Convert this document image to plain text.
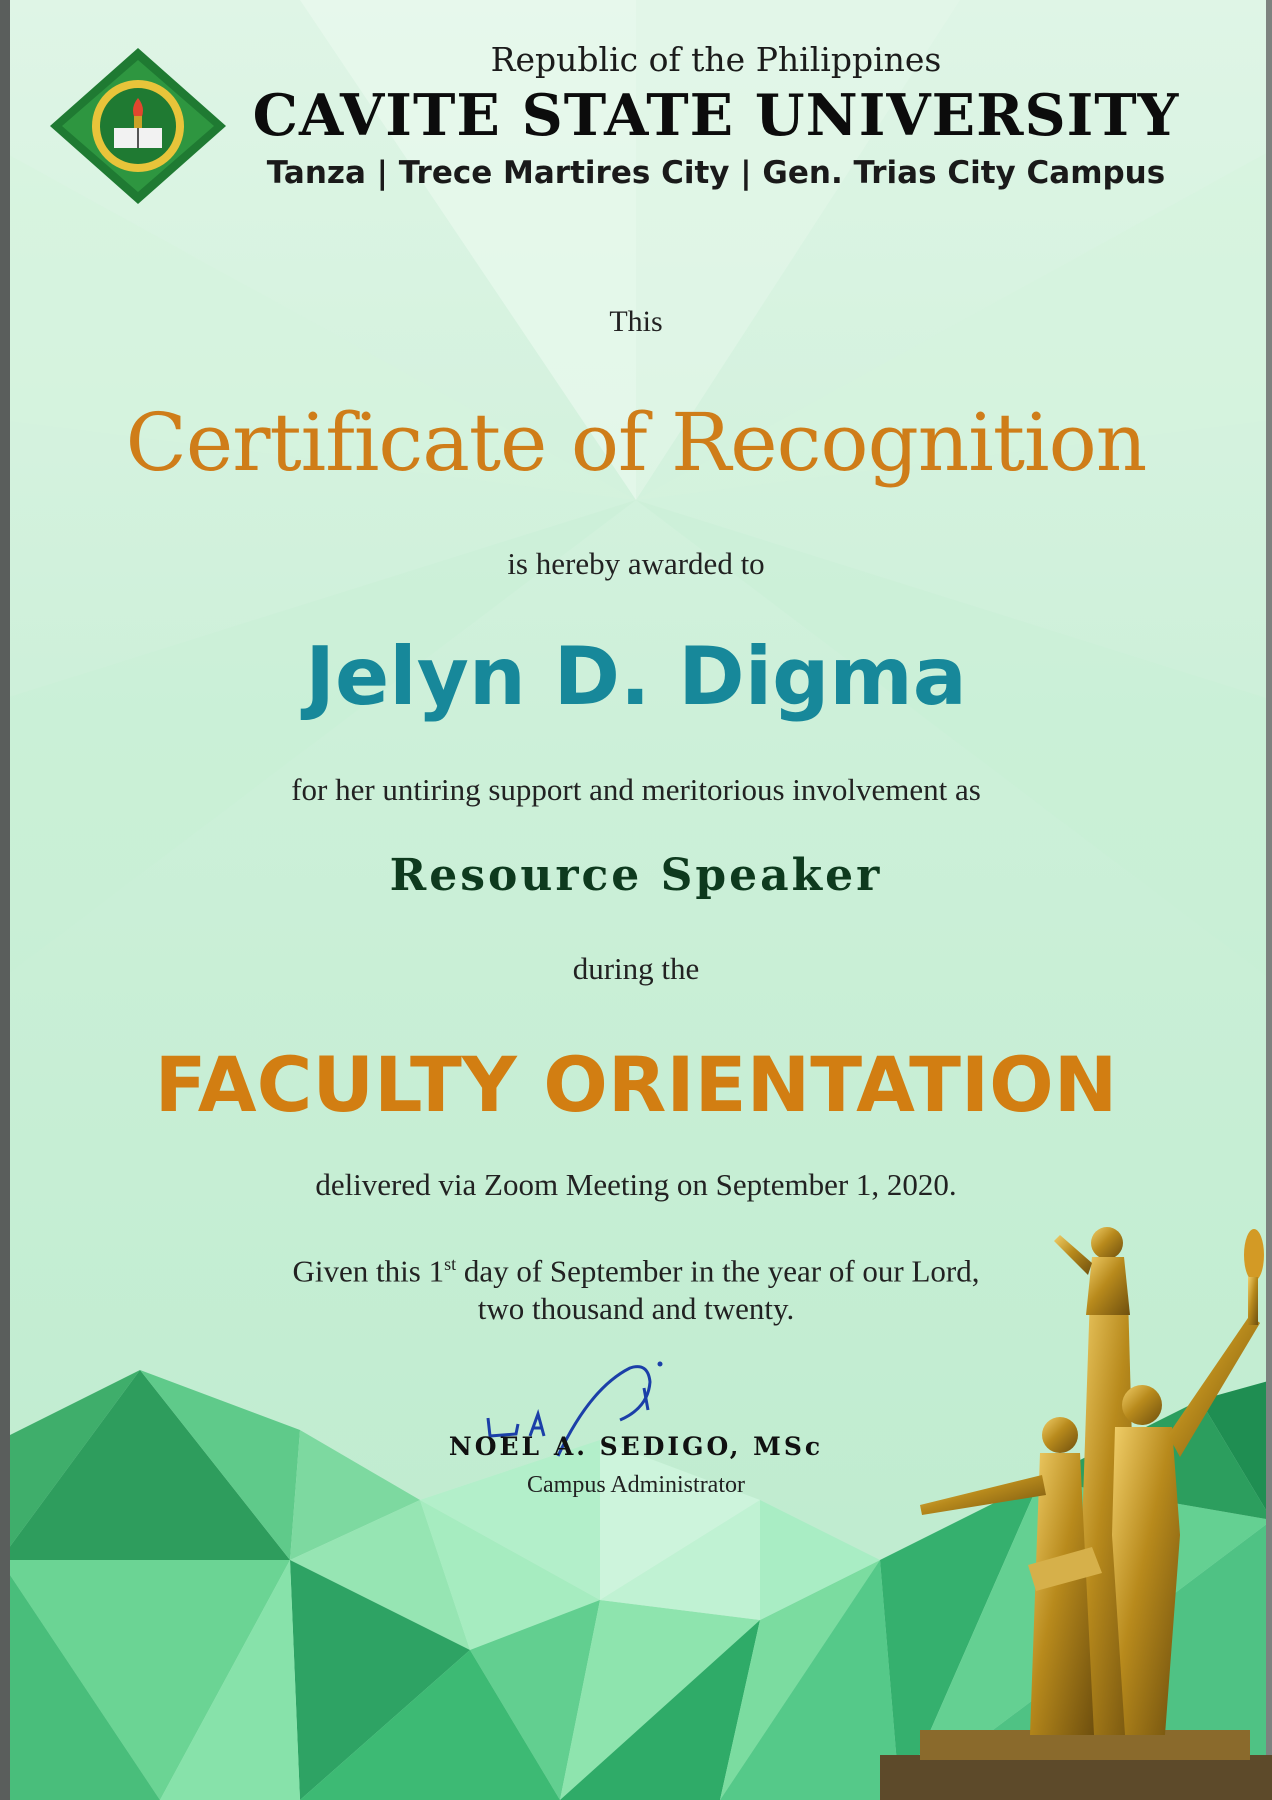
Republic of the Philippines
CAVITE STATE UNIVERSITY
Tanza | Trece Martires City | Gen. Trias City Campus
This
Certificate of Recognition
is hereby awarded to
Jelyn D. Digma
for her untiring support and meritorious involvement as
Resource Speaker
during the
FACULTY ORIENTATION
delivered via Zoom Meeting on September 1, 2020.
Given this 1st day of September in the year of our Lord,
two thousand and twenty.
NOEL A. SEDIGO, MSc
Campus Administrator
